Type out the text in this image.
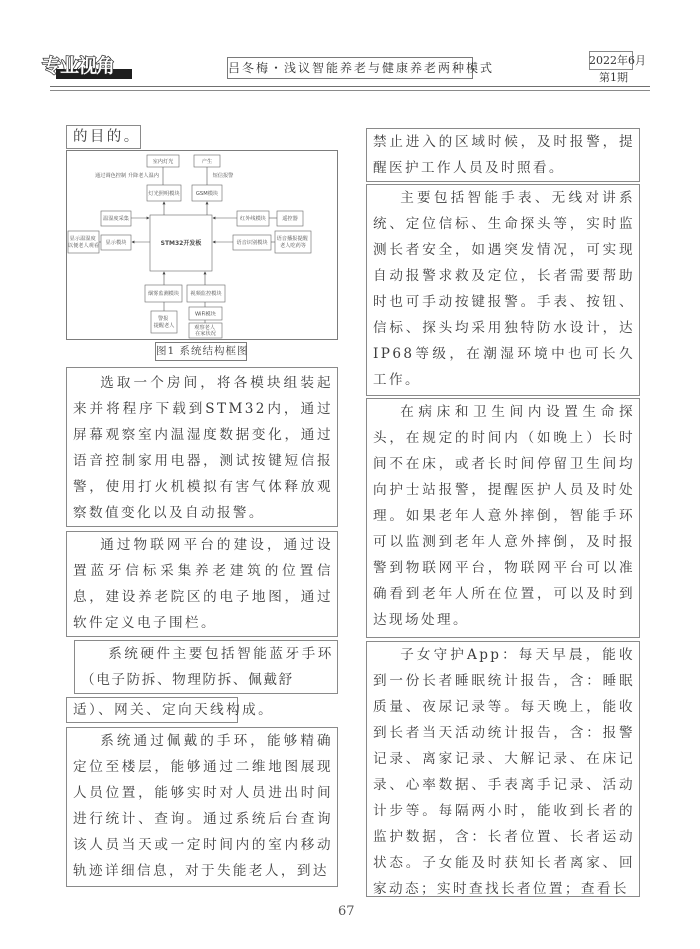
专业视角	吕冬梅・浅议智能养老与健康养老两种模式
2022年6月
第1期

的目的。

STM32开发板
室内灯光	产生
通过调色控制 升降老人温内
灯光照明模块	GSM模块
短信报警
温湿度采集
显示模块
显示温湿度 以便老人观看
红外线模块	遥控器
语音识别模块
语音播报提醒 老人吃药等
烟雾监测模块
警报 提醒老人
视频监控模块
WiFi模块
观察老人 在家状况
图1 系统结构框图

选取一个房间，将各模块组装起来并将程序下载到STM32内，通过屏幕观察室内温湿度数据变化，通过语音控制家用电器，测试按键短信报警，使用打火机模拟有害气体释放观察数值变化以及自动报警。

通过物联网平台的建设，通过设置蓝牙信标采集养老建筑的位置信息，建设养老院区的电子地图，通过软件定义电子围栏。

系统硬件主要包括智能蓝牙手环（电子防拆、物理防拆、佩戴舒

适）、网关、定向天线构成。

系统通过佩戴的手环，能够精确定位至楼层，能够通过二维地图展现人员位置，能够实时对人员进出时间进行统计、查询。通过系统后台查询该人员当天或一定时间内的室内移动轨迹详细信息，对于失能老人，到达

禁止进入的区域时候，及时报警，提醒医护工作人员及时照看。

主要包括智能手表、无线对讲系统、定位信标、生命探头等，实时监测长者安全，如遇突发情况，可实现自动报警求救及定位，长者需要帮助时也可手动按键报警。手表、按钮、信标、探头均采用独特防水设计，达IP68等级，在潮湿环境中也可长久工作。

在病床和卫生间内设置生命探头，在规定的时间内（如晚上）长时间不在床，或者长时间停留卫生间均向护士站报警，提醒医护人员及时处理。如果老年人意外摔倒，智能手环可以监测到老年人意外摔倒，及时报警到物联网平台，物联网平台可以准确看到老年人所在位置，可以及时到达现场处理。

子女守护App：每天早晨，能收到一份长者睡眠统计报告，含：睡眠质量、夜尿记录等。每天晚上，能收到长者当天活动统计报告，含：报警记录、离家记录、大解记录、在床记录、心率数据、手表离手记录、活动计步等。每隔两小时，能收到长者的监护数据，含：长者位置、长者运动状态。子女能及时获知长者离家、回家动态；实时查找长者位置；查看长

67
